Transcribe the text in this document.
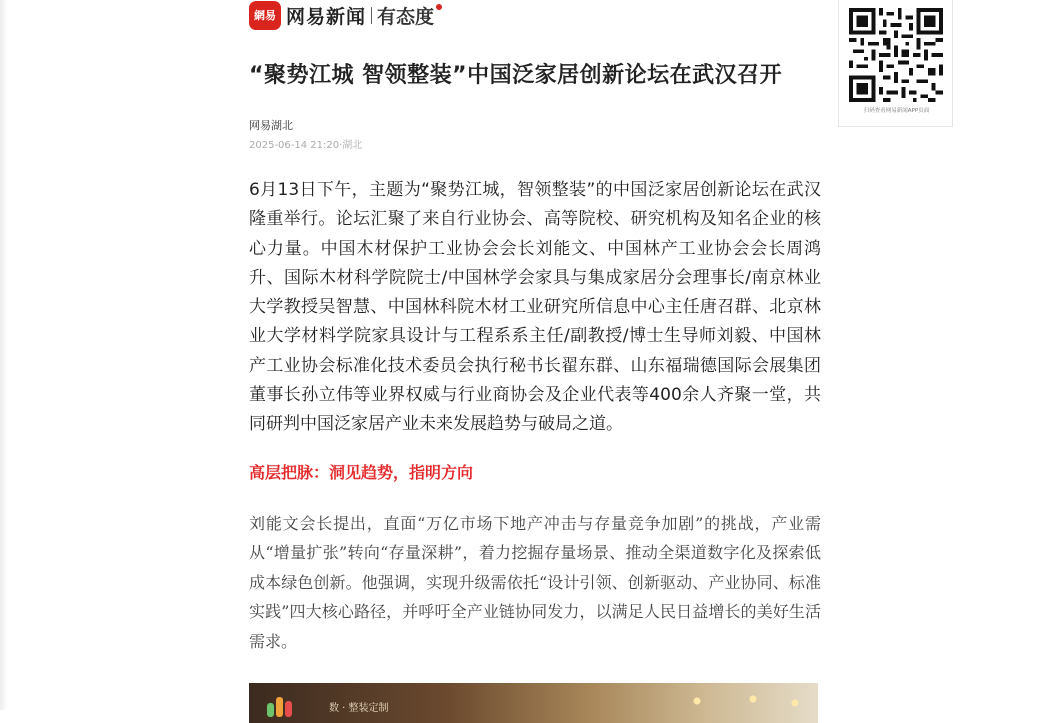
網易 网易新闻 有态度
“聚势江城 智领整装”中国泛家居创新论坛在武汉召开
网易湖北
2025-06-14 21:20·湖北

6月13日下午，主题为“聚势江城，智领整装”的中国泛家居创新论坛在武汉隆重举行。论坛汇聚了来自行业协会、高等院校、研究机构及知名企业的核心力量。中国木材保护工业协会会长刘能文、中国林产工业协会会长周鸿升、国际木材科学院院士/中国林学会家具与集成家居分会理事长/南京林业大学教授吴智慧、中国林科院木材工业研究所信息中心主任唐召群、北京林业大学材料学院家具设计与工程系系主任/副教授/博士生导师刘毅、中国林产工业协会标准化技术委员会执行秘书长翟东群、山东福瑞德国际会展集团董事长孙立伟等业界权威与行业商协会及企业代表等400余人齐聚一堂，共同研判中国泛家居产业未来发展趋势与破局之道。

高层把脉：洞见趋势，指明方向

刘能文会长提出，直面“万亿市场下地产冲击与存量竞争加剧”的挑战，产业需从“增量扩张”转向“存量深耕”，着力挖掘存量场景、推动全渠道数字化及探索低成本绿色创新。他强调，实现升级需依托“设计引领、创新驱动、产业协同、标准实践”四大核心路径，并呼吁全产业链协同发力，以满足人民日益增长的美好生活需求。

数 · 整装定制
扫码查看网易新闻APP页面
